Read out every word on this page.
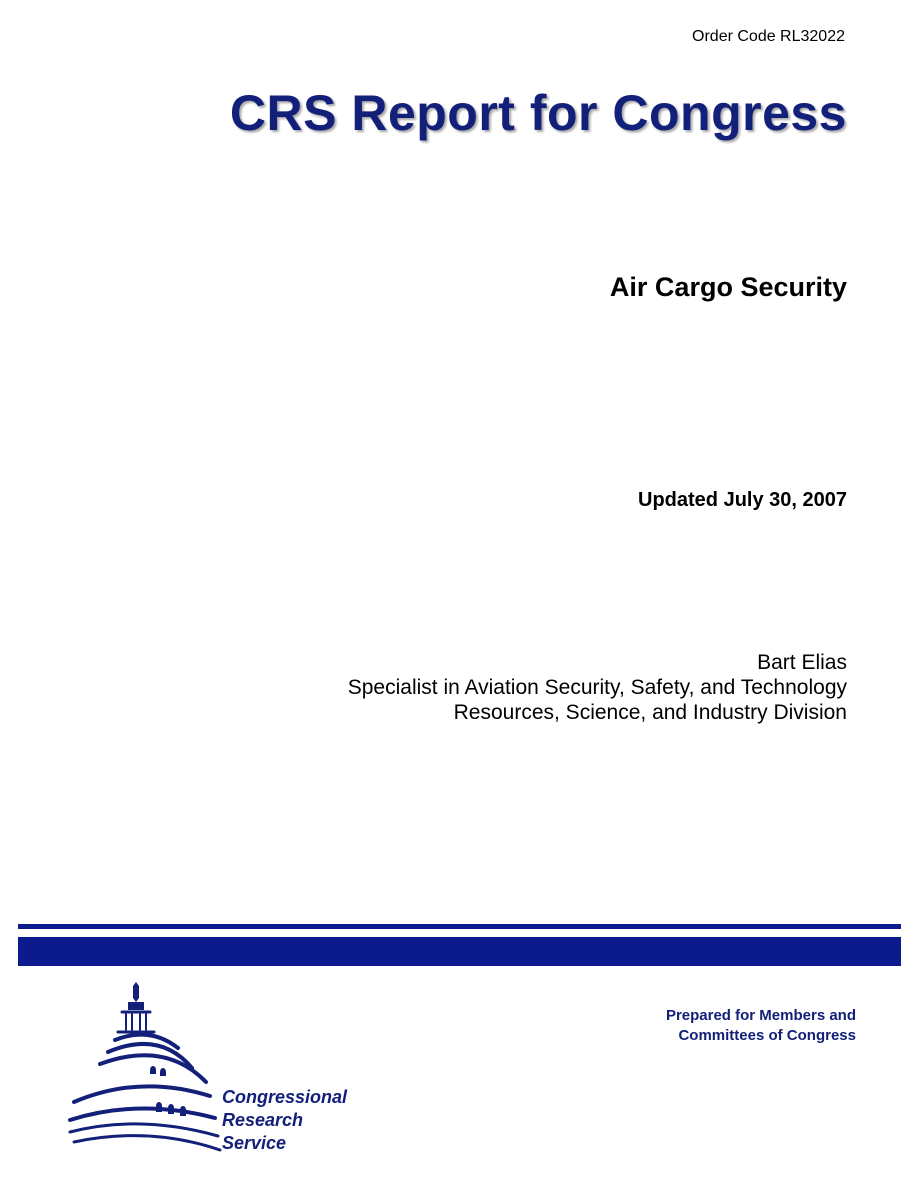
Order Code RL32022
CRS Report for Congress
Air Cargo Security
Updated July 30, 2007
Bart Elias
Specialist in Aviation Security, Safety, and Technology
Resources, Science, and Industry Division
Congressional
Research
Service
Prepared for Members and
Committees of Congress
